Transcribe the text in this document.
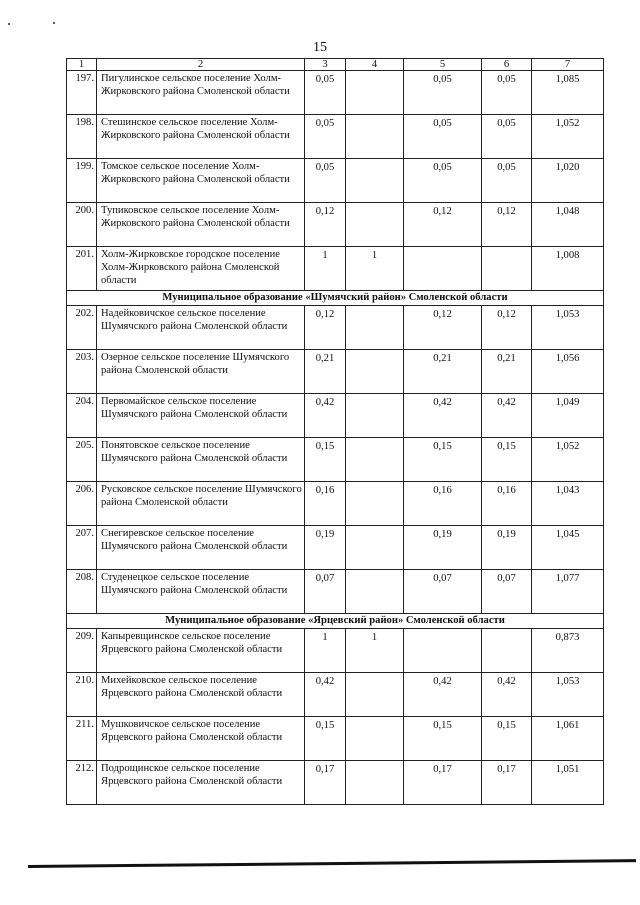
15
1	2	3	4	5	6	7
197.	Пигулинское сельское поселение Холм-Жирковского района Смоленской области	0,05		0,05	0,05	1,085
198.	Стешинское сельское поселение Холм-Жирковского района Смоленской области	0,05		0,05	0,05	1,052
199.	Томское сельское поселение Холм-Жирковского района Смоленской области	0,05		0,05	0,05	1,020
200.	Тупиковское сельское поселение Холм-Жирковского района Смоленской области	0,12		0,12	0,12	1,048
201.	Холм-Жирковское городское поселение Холм-Жирковского района Смоленской области	1	1			1,008
Муниципальное образование «Шумячский район» Смоленской области						
202.	Надейковичское сельское поселение Шумячского района Смоленской области	0,12		0,12	0,12	1,053
203.	Озерное сельское поселение Шумячского района Смоленской области	0,21		0,21	0,21	1,056
204.	Первомайское сельское поселение Шумячского района Смоленской области	0,42		0,42	0,42	1,049
205.	Понятовское сельское поселение Шумячского района Смоленской области	0,15		0,15	0,15	1,052
206.	Русковское сельское поселение Шумячского района Смоленской области	0,16		0,16	0,16	1,043
207.	Снегиревское сельское поселение Шумячского района Смоленской области	0,19		0,19	0,19	1,045
208.	Студенецкое сельское поселение Шумячского района Смоленской области	0,07		0,07	0,07	1,077
Муниципальное образование «Ярцевский район» Смоленской области						
209.	Капыревщинское сельское поселение Ярцевского района Смоленской области	1	1			0,873
210.	Михейковское сельское поселение Ярцевского района Смоленской области	0,42		0,42	0,42	1,053
211.	Мушковичское сельское поселение Ярцевского района Смоленской области	0,15		0,15	0,15	1,061
212.	Подрощинское сельское поселение Ярцевского района Смоленской области	0,17		0,17	0,17	1,051
